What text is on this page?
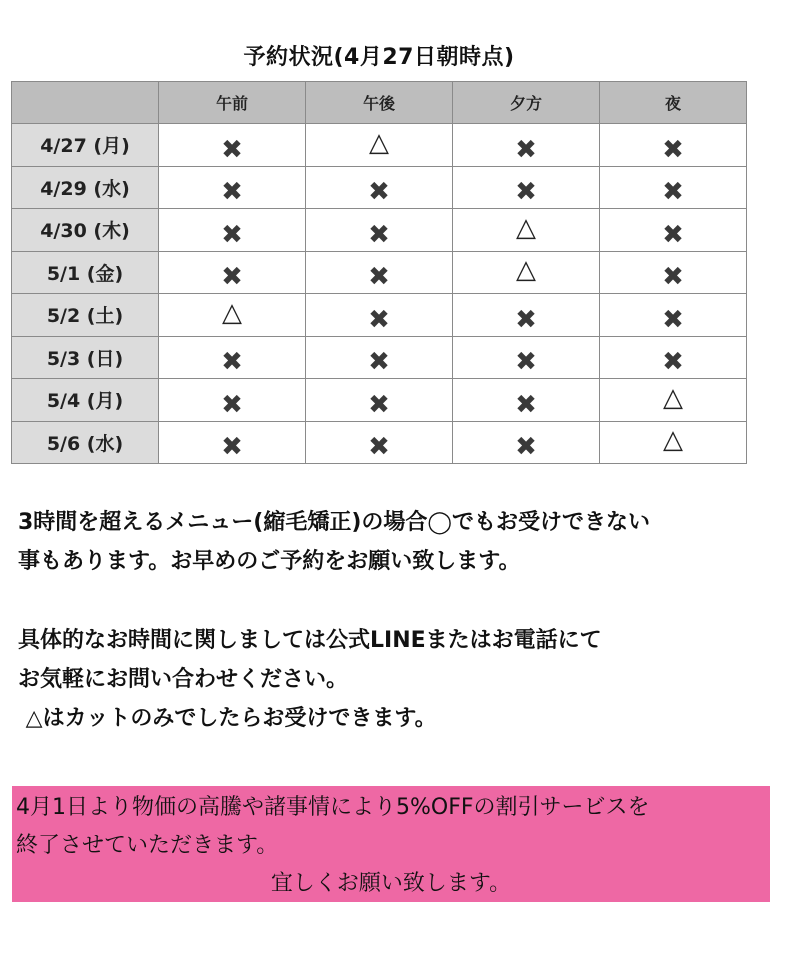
予約状況(4月27日朝時点)
	午前	午後	夕方	夜
4/27 (月)	✖	△	✖	✖
4/29 (水)	✖	✖	✖	✖
4/30 (木)	✖	✖	△	✖
5/1 (金)	✖	✖	△	✖
5/2 (土)	△	✖	✖	✖
5/3 (日)	✖	✖	✖	✖
5/4 (月)	✖	✖	✖	△
5/6 (水)	✖	✖	✖	△
3時間を超えるメニュー(縮毛矯正)の場合◯でもお受けできない
事もあります。お早めのご予約をお願い致します。
具体的なお時間に関しましては公式LINEまたはお電話にて
お気軽にお問い合わせください。
△はカットのみでしたらお受けできます。
4月1日より物価の高騰や諸事情により5%OFFの割引サービスを
終了させていただきます。
宜しくお願い致します。
